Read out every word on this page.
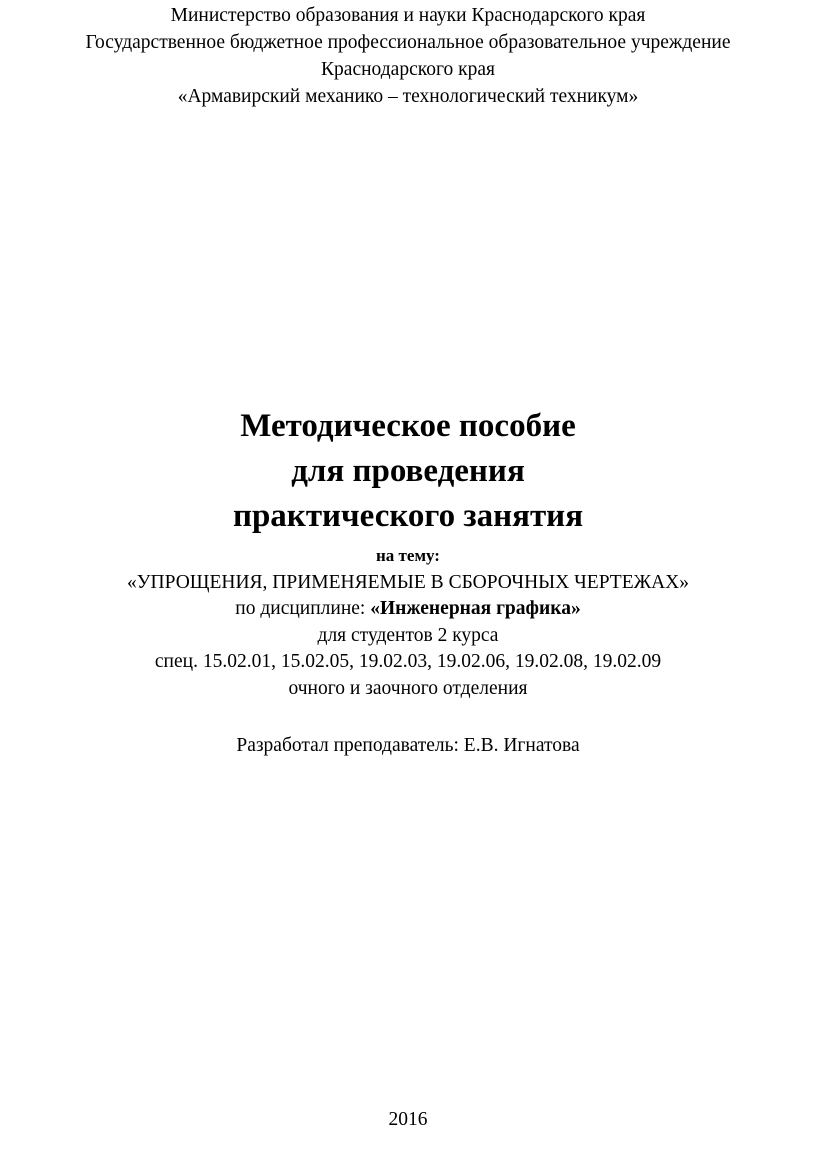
Министерство образования и науки Краснодарского края
Государственное бюджетное профессиональное образовательное учреждение
Краснодарского края
«Армавирский механико – технологический техникум»
Методическое пособие
для проведения
практического занятия
на тему:
«УПРОЩЕНИЯ, ПРИМЕНЯЕМЫЕ В СБОРОЧНЫХ ЧЕРТЕЖАХ»
по дисциплине: «Инженерная графика»
для студентов 2 курса
спец. 15.02.01, 15.02.05, 19.02.03, 19.02.06, 19.02.08, 19.02.09
очного и заочного отделения
Разработал преподаватель: Е.В. Игнатова
2016
